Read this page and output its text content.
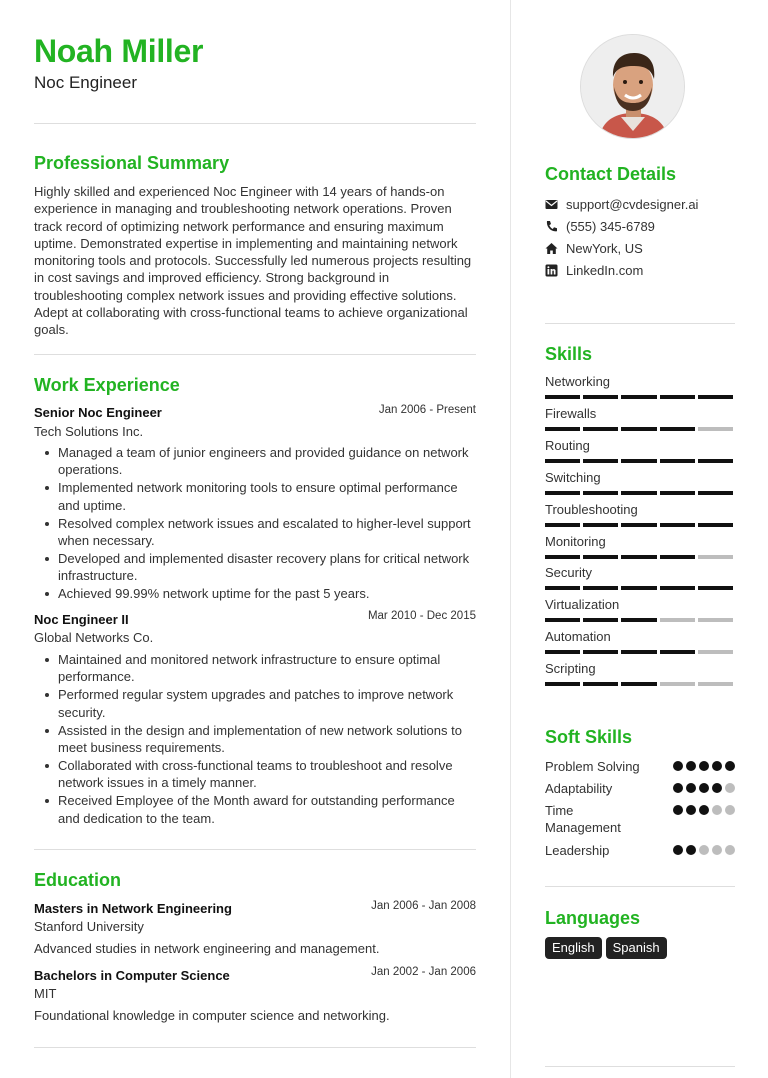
Noah Miller
Noc Engineer
Professional Summary
Highly skilled and experienced Noc Engineer with 14 years of hands-on experience in managing and troubleshooting network operations. Proven track record of optimizing network performance and ensuring maximum uptime. Demonstrated expertise in implementing and maintaining network monitoring tools and protocols. Successfully led numerous projects resulting in cost savings and improved efficiency. Strong background in troubleshooting complex network issues and providing effective solutions. Adept at collaborating with cross-functional teams to achieve organizational goals.
Work Experience
Senior Noc Engineer	Jan 2006 - Present
Tech Solutions Inc.
Managed a team of junior engineers and provided guidance on network operations.
Implemented network monitoring tools to ensure optimal performance and uptime.
Resolved complex network issues and escalated to higher-level support when necessary.
Developed and implemented disaster recovery plans for critical network infrastructure.
Achieved 99.99% network uptime for the past 5 years.
Noc Engineer II	Mar 2010 - Dec 2015
Global Networks Co.
Maintained and monitored network infrastructure to ensure optimal performance.
Performed regular system upgrades and patches to improve network security.
Assisted in the design and implementation of new network solutions to meet business requirements.
Collaborated with cross-functional teams to troubleshoot and resolve network issues in a timely manner.
Received Employee of the Month award for outstanding performance and dedication to the team.
Education
Masters in Network Engineering	Jan 2006 - Jan 2008
Stanford University
Advanced studies in network engineering and management.
Bachelors in Computer Science	Jan 2002 - Jan 2006
MIT
Foundational knowledge in computer science and networking.
Contact Details
support@cvdesigner.ai
(555) 345-6789
NewYork, US
LinkedIn.com
Skills
Networking
Firewalls
Routing
Switching
Troubleshooting
Monitoring
Security
Virtualization
Automation
Scripting
Soft Skills
Problem Solving
Adaptability
Time Management
Leadership
Languages
English	Spanish
